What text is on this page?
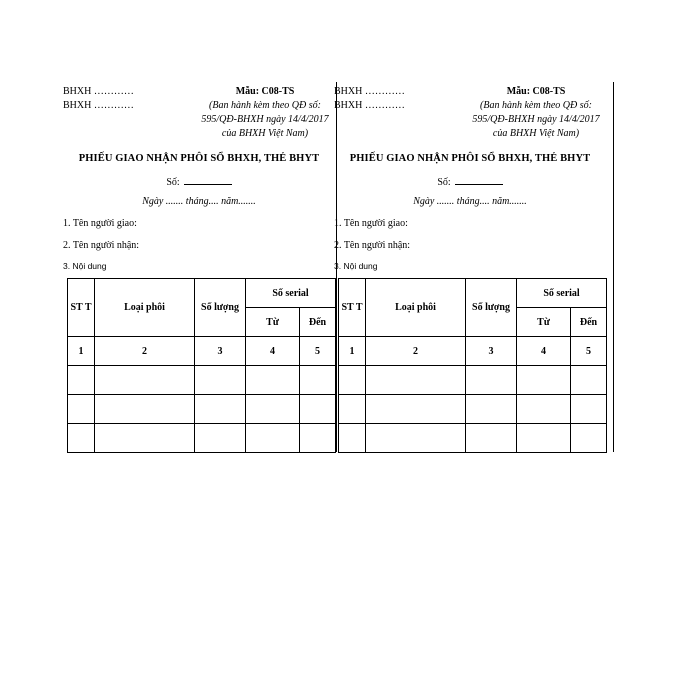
BHXH …………
BHXH …………
Mẫu: C08-TS
(Ban hành kèm theo QĐ số:
595/QĐ-BHXH ngày 14/4/2017
của BHXH Việt Nam)
PHIẾU GIAO NHẬN PHÔI SỔ BHXH, THẺ BHYT
Số:
Ngày ....... tháng.... năm.......
1. Tên người giao:
2. Tên người nhận:
3. Nội dung
ST T	Loại phôi	Số lượng	Số serial	
			Từ	Đến
1	2	3	4	5

BHXH …………
BHXH …………
Mẫu: C08-TS
(Ban hành kèm theo QĐ số:
595/QĐ-BHXH ngày 14/4/2017
của BHXH Việt Nam)
PHIẾU GIAO NHẬN PHÔI SỔ BHXH, THẺ BHYT
Số:
Ngày ....... tháng.... năm.......
1. Tên người giao:
2. Tên người nhận:
3. Nội dung
ST T	Loại phôi	Số lượng	Số serial	
			Từ	Đến
1	2	3	4	5
